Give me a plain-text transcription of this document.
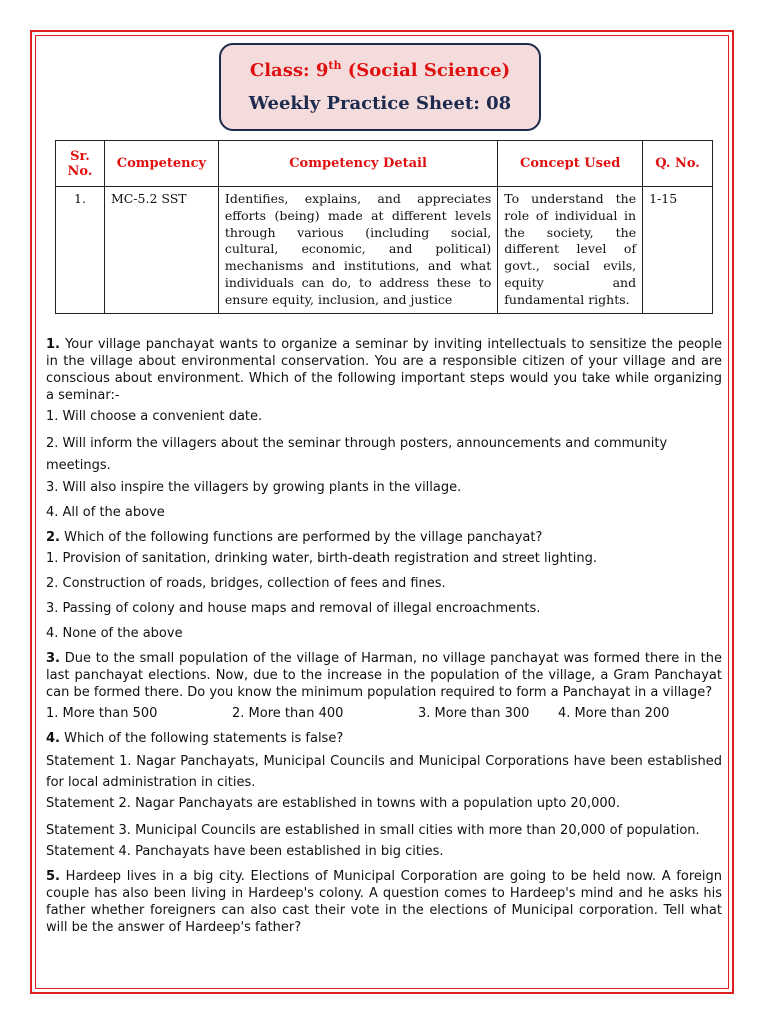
Class: 9th (Social Science)
Weekly Practice Sheet: 08
Sr. No.	Competency	Competency Detail	Concept Used	Q. No.
1.	MC-5.2 SST	Identifies, explains, and appreciates efforts (being) made at different levels through various (including social, cultural, economic, and political) mechanisms and institutions, and what individuals can do, to address these to ensure equity, inclusion, and justice	To understand the role of individual in the society, the different level of govt., social evils, equity and fundamental rights.	1-15

1. Your village panchayat wants to organize a seminar by inviting intellectuals to sensitize the people in the village about environmental conservation. You are a responsible citizen of your village and are conscious about environment. Which of the following important steps would you take while organizing a seminar:-

1. Will choose a convenient date.

2. Will inform the villagers about the seminar through posters, announcements and community meetings.

3. Will also inspire the villagers by growing plants in the village.

4. All of the above

2. Which of the following functions are performed by the village panchayat?

1. Provision of sanitation, drinking water, birth-death registration and street lighting.

2. Construction of roads, bridges, collection of fees and fines.

3. Passing of colony and house maps and removal of illegal encroachments.

4. None of the above

3. Due to the small population of the village of Harman, no village panchayat was formed there in the last panchayat elections. Now, due to the increase in the population of the village, a Gram Panchayat can be formed there. Do you know the minimum population required to form a Panchayat in a village?

1. More than 500	2. More than 400	3. More than 300	4. More than 200

4. Which of the following statements is false?

Statement 1. Nagar Panchayats, Municipal Councils and Municipal Corporations have been established for local administration in cities.

Statement 2. Nagar Panchayats are established in towns with a population upto 20,000.

Statement 3. Municipal Councils are established in small cities with more than 20,000 of population.

Statement 4. Panchayats have been established in big cities.

5. Hardeep lives in a big city. Elections of Municipal Corporation are going to be held now. A foreign couple has also been living in Hardeep's colony. A question comes to Hardeep's mind and he asks his father whether foreigners can also cast their vote in the elections of Municipal corporation. Tell what will be the answer of Hardeep's father?
